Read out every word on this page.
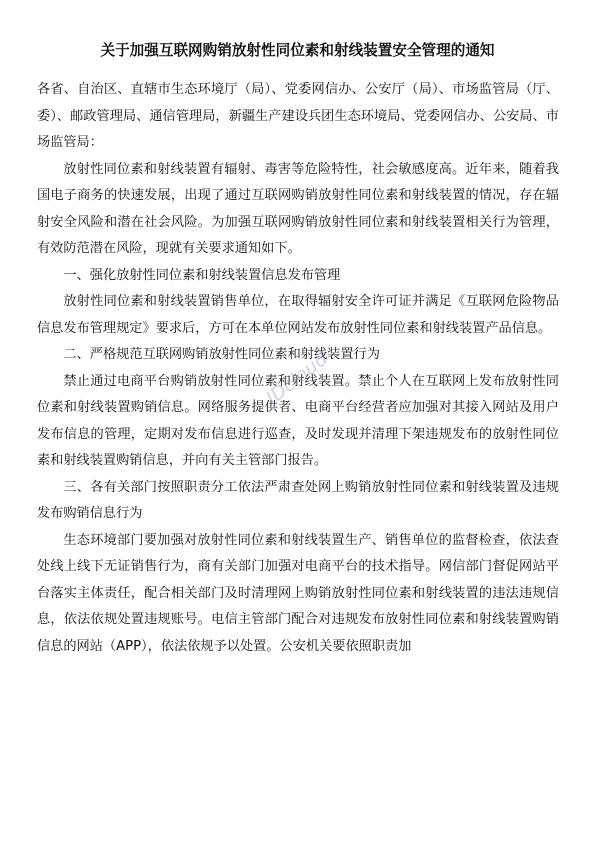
关于加强互联网购销放射性同位素和射线装置安全管理的通知

各省、自治区、直辖市生态环境厅（局）、党委网信办、公安厅（局）、市场监管局（厅、委）、邮政管理局、通信管理局，新疆生产建设兵团生态环境局、党委网信办、公安局、市场监管局：

放射性同位素和射线装置有辐射、毒害等危险特性，社会敏感度高。近年来，随着我国电子商务的快速发展，出现了通过互联网购销放射性同位素和射线装置的情况，存在辐射安全风险和潜在社会风险。为加强互联网购销放射性同位素和射线装置相关行为管理，有效防范潜在风险，现就有关要求通知如下。

一、强化放射性同位素和射线装置信息发布管理

放射性同位素和射线装置销售单位，在取得辐射安全许可证并满足《互联网危险物品信息发布管理规定》要求后，方可在本单位网站发布放射性同位素和射线装置产品信息。

二、严格规范互联网购销放射性同位素和射线装置行为

禁止通过电商平台购销放射性同位素和射线装置。禁止个人在互联网上发布放射性同位素和射线装置购销信息。网络服务提供者、电商平台经营者应加强对其接入网站及用户发布信息的管理，定期对发布信息进行巡查，及时发现并清理下架违规发布的放射性同位素和射线装置购销信息，并向有关主管部门报告。

三、各有关部门按照职责分工依法严肃查处网上购销放射性同位素和射线装置及违规发布购销信息行为

生态环境部门要加强对放射性同位素和射线装置生产、销售单位的监督检查，依法查处线上线下无证销售行为，商有关部门加强对电商平台的技术指导。网信部门督促网站平台落实主体责任，配合相关部门及时清理网上购销放射性同位素和射线装置的违法违规信息，依法依规处置违规账号。电信主管部门配合对违规发布放射性同位素和射线装置购销信息的网站（APP），依法依规予以处置。公安机关要依照职责加

JDcloud
